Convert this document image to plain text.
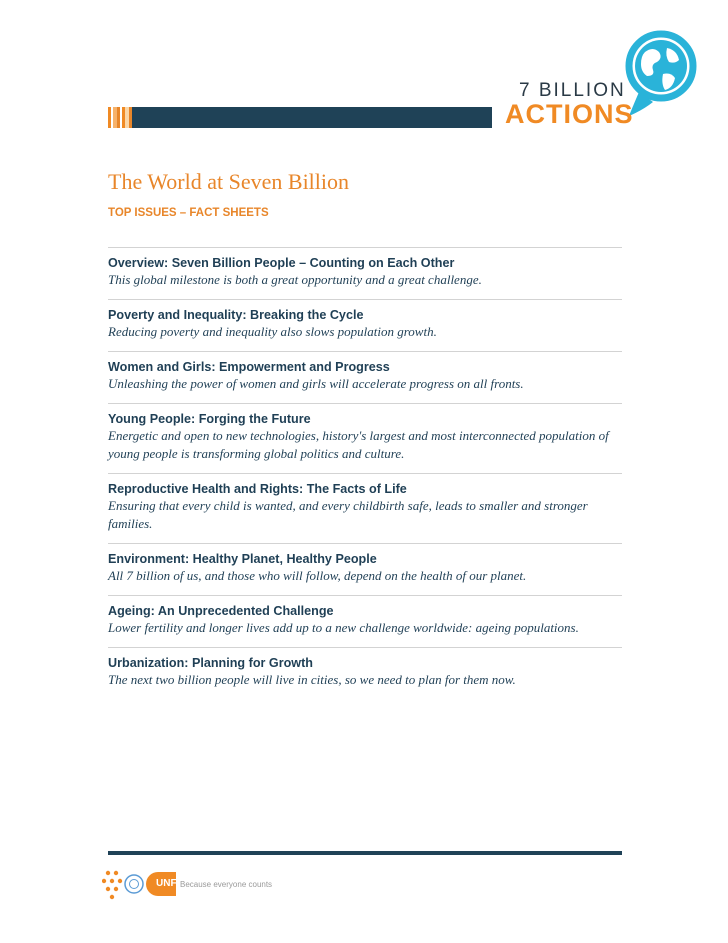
7 BILLION
ACTIONS
The World at Seven Billion
TOP ISSUES – FACT SHEETS
Overview: Seven Billion People – Counting on Each Other
This global milestone is both a great opportunity and a great challenge.
Poverty and Inequality: Breaking the Cycle
Reducing poverty and inequality also slows population growth.
Women and Girls: Empowerment and Progress
Unleashing the power of women and girls will accelerate progress on all fronts.
Young People: Forging the Future
Energetic and open to new technologies, history's largest and most interconnected population of young people is transforming global politics and culture.
Reproductive Health and Rights: The Facts of Life
Ensuring that every child is wanted, and every childbirth safe, leads to smaller and stronger families.
Environment: Healthy Planet, Healthy People
All 7 billion of us, and those who will follow, depend on the health of our planet.
Ageing: An Unprecedented Challenge
Lower fertility and longer lives add up to a new challenge worldwide: ageing populations.
Urbanization: Planning for Growth
The next two billion people will live in cities, so we need to plan for them now.
UNFPA
Because everyone counts
